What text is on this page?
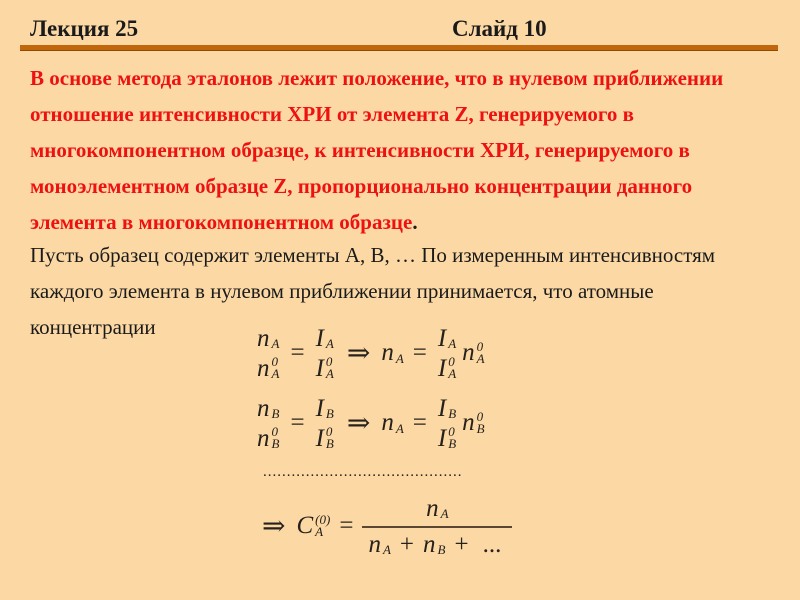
Лекция 25	Слайд 10
В основе метода эталонов лежит положение, что в нулевом приближении
отношение интенсивности ХРИ от элемента Z, генерируемого в
многокомпонентном образце, к интенсивности ХРИ, генерируемого в
моноэлементном образце Z, пропорционально концентрации данного
элемента в многокомпонентном образце.
Пусть образец содержит элементы А, В, … По измеренным интенсивностям
каждого элемента в нулевом приближении принимается, что атомные
концентрации	n A
n 0
A
=
I A
I 0
A
⇒ n A =
I A
I 0
A
n 0
A
n B
n 0
B
=
I B
I 0
B
⇒ n A =
I B
I 0
B
n 0
B
..........................................
⇒ C (0)
$A = \frac{\text{n A}}{\text{n A + n B + ...}}$
